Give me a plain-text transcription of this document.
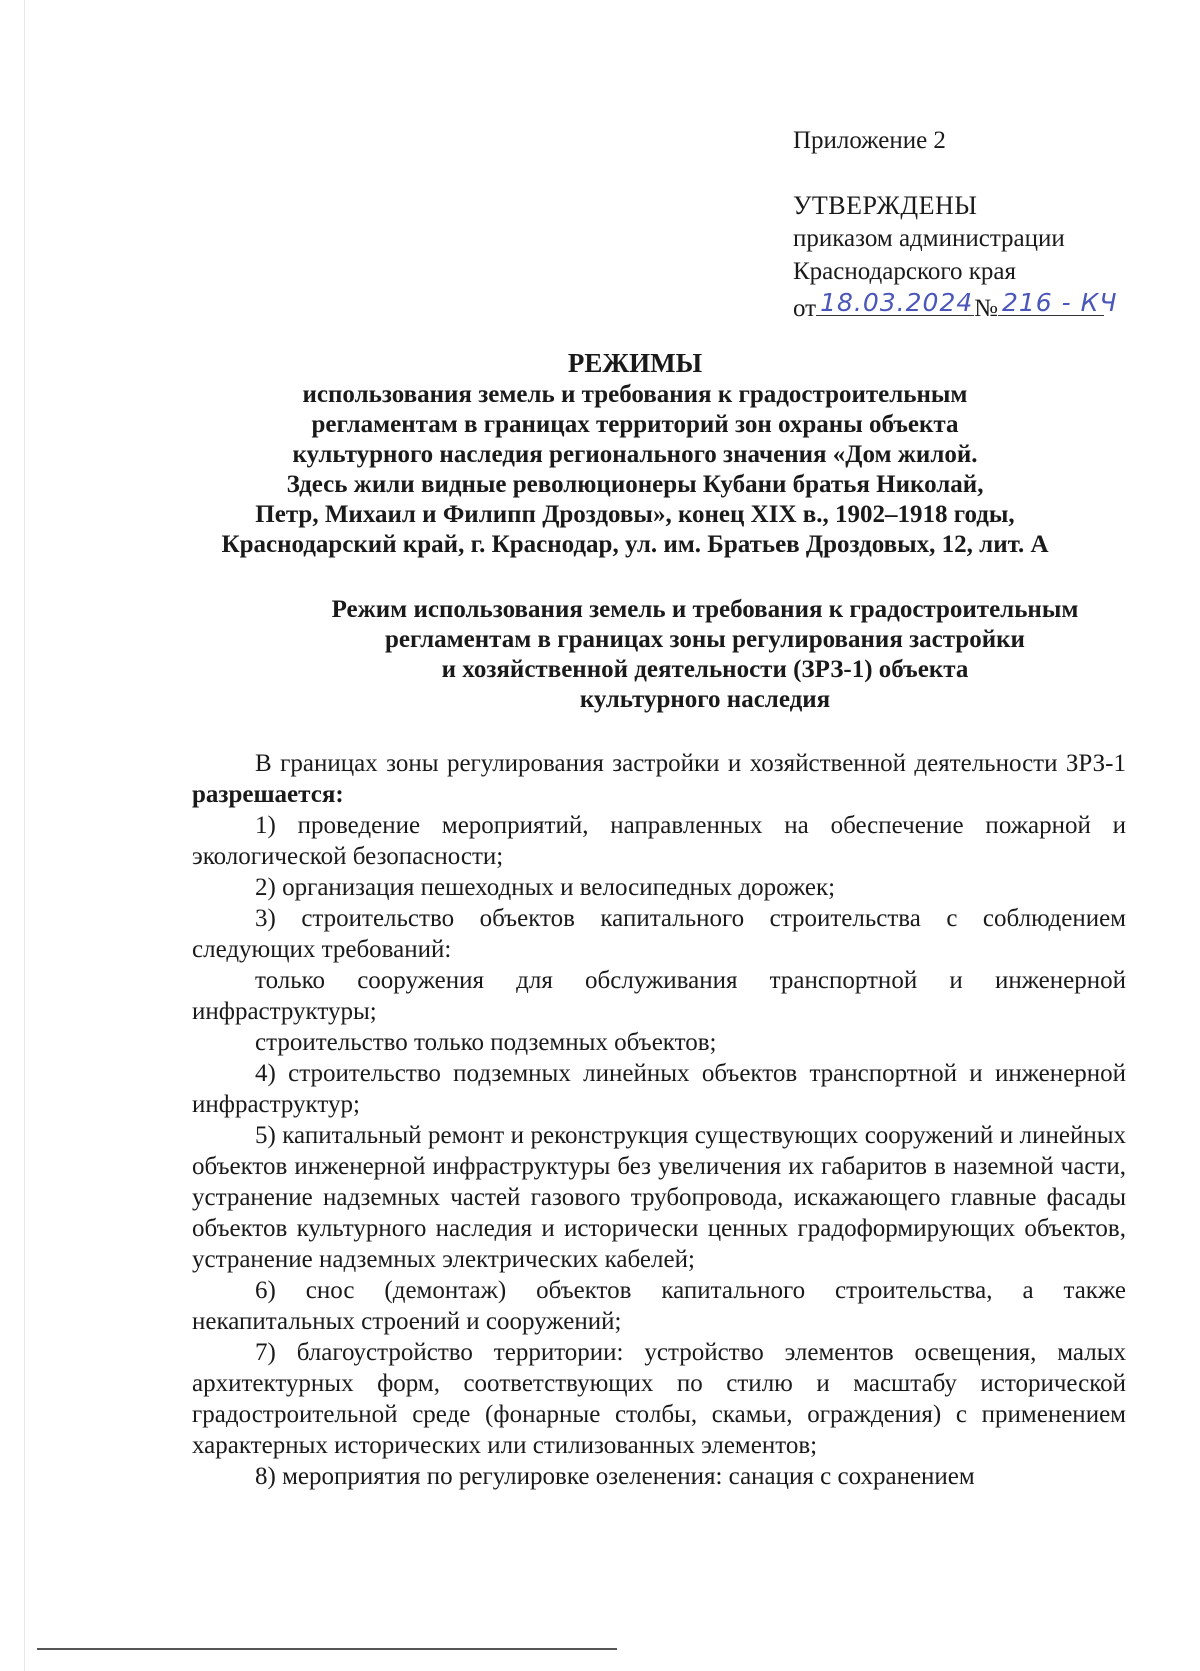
Приложение 2
УТВЕРЖДЕНЫ
приказом администрации
Краснодарского края
от 18.03.2024 № 216 - КЧ
РЕЖИМЫ
использования земель и требования к градостроительным
регламентам в границах территорий зон охраны объекта
культурного наследия регионального значения «Дом жилой.
Здесь жили видные революционеры Кубани братья Николай,
Петр, Михаил и Филипп Дроздовы», конец XIX в., 1902–1918 годы,
Краснодарский край, г. Краснодар, ул. им. Братьев Дроздовых, 12, лит. А
Режим использования земель и требования к градостроительным
регламентам в границах зоны регулирования застройки
и хозяйственной деятельности (ЗРЗ-1) объекта
культурного наследия

В границах зоны регулирования застройки и хозяйственной деятельности ЗРЗ-1 разрешается:

1) проведение мероприятий, направленных на обеспечение пожарной и экологической безопасности;

2) организация пешеходных и велосипедных дорожек;

3) строительство объектов капитального строительства с соблюдением следующих требований:

только сооружения для обслуживания транспортной и инженерной инфраструктуры;

строительство только подземных объектов;

4) строительство подземных линейных объектов транспортной и инженерной инфраструктур;

5) капитальный ремонт и реконструкция существующих сооружений и линейных объектов инженерной инфраструктуры без увеличения их габаритов в наземной части, устранение надземных частей газового трубопровода, искажающего главные фасады объектов культурного наследия и исторически ценных градоформирующих объектов, устранение надземных электрических кабелей;

6) снос (демонтаж) объектов капитального строительства, а также некапитальных строений и сооружений;

7) благоустройство территории: устройство элементов освещения, малых архитектурных форм, соответствующих по стилю и масштабу исторической градостроительной среде (фонарные столбы, скамьи, ограждения) с применением характерных исторических или стилизованных элементов;

8) мероприятия по регулировке озеленения: санация с сохранением
